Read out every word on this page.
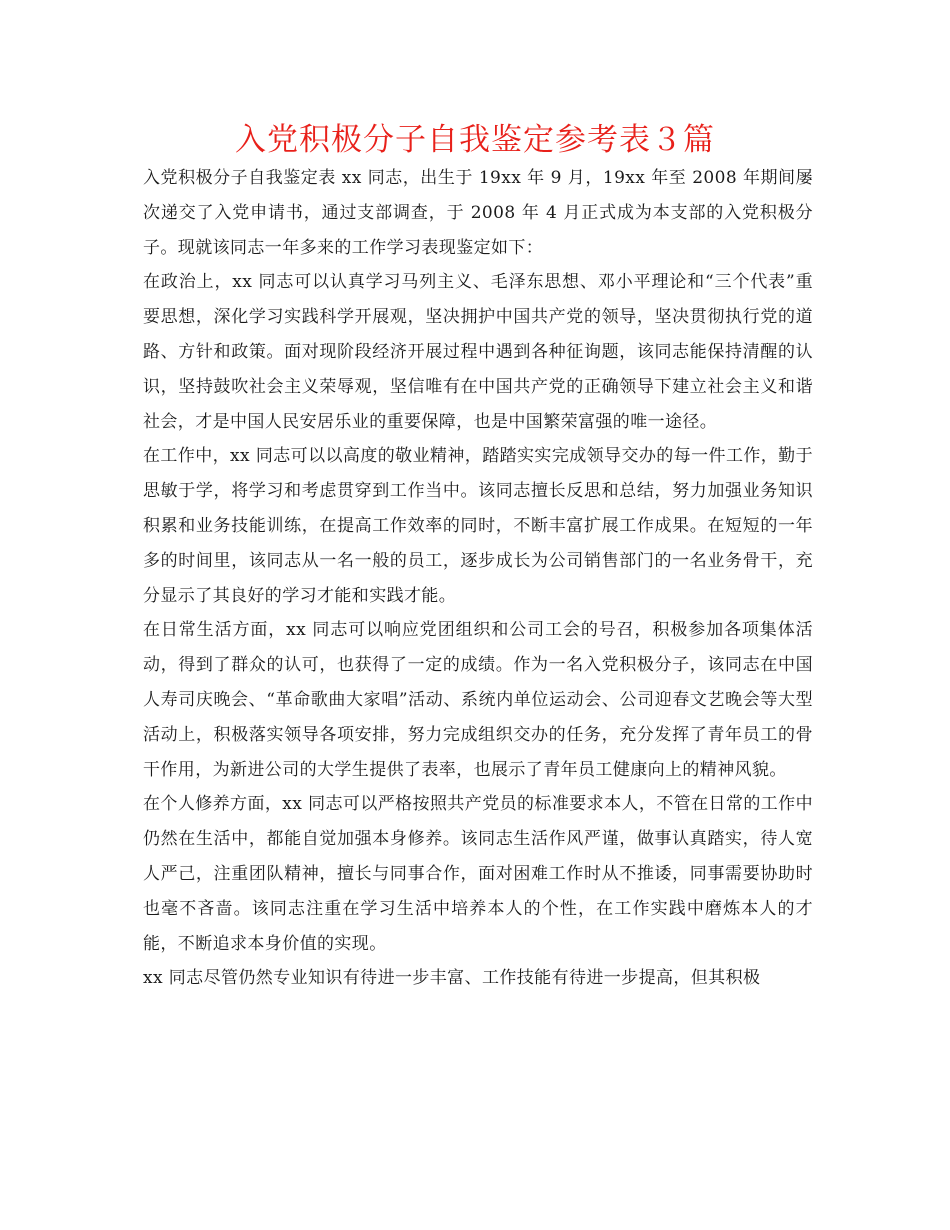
入党积极分子自我鉴定参考表３篇

入党积极分子自我鉴定表 xx 同志，出生于 19xx 年 9 月，19xx 年至 2008 年期间屡次递交了入党申请书，通过支部调查，于 2008 年 4 月正式成为本支部的入党积极分子。现就该同志一年多来的工作学习表现鉴定如下：

在政治上，xx 同志可以认真学习马列主义、毛泽东思想、邓小平理论和“三个代表”重要思想，深化学习实践科学开展观，坚决拥护中国共产党的领导，坚决贯彻执行党的道路、方针和政策。面对现阶段经济开展过程中遇到各种征询题，该同志能保持清醒的认识，坚持鼓吹社会主义荣辱观，坚信唯有在中国共产党的正确领导下建立社会主义和谐社会，才是中国人民安居乐业的重要保障，也是中国繁荣富强的唯一途径。

在工作中，xx 同志可以以高度的敬业精神，踏踏实实完成领导交办的每一件工作，勤于思敏于学，将学习和考虑贯穿到工作当中。该同志擅长反思和总结，努力加强业务知识积累和业务技能训练，在提高工作效率的同时，不断丰富扩展工作成果。在短短的一年多的时间里，该同志从一名一般的员工，逐步成长为公司销售部门的一名业务骨干，充分显示了其良好的学习才能和实践才能。

在日常生活方面，xx 同志可以响应党团组织和公司工会的号召，积极参加各项集体活动，得到了群众的认可，也获得了一定的成绩。作为一名入党积极分子，该同志在中国人寿司庆晚会、“革命歌曲大家唱”活动、系统内单位运动会、公司迎春文艺晚会等大型活动上，积极落实领导各项安排，努力完成组织交办的任务，充分发挥了青年员工的骨干作用，为新进公司的大学生提供了表率，也展示了青年员工健康向上的精神风貌。

在个人修养方面，xx 同志可以严格按照共产党员的标准要求本人，不管在日常的工作中仍然在生活中，都能自觉加强本身修养。该同志生活作风严谨，做事认真踏实，待人宽人严己，注重团队精神，擅长与同事合作，面对困难工作时从不推诿，同事需要协助时也毫不吝啬。该同志注重在学习生活中培养本人的个性，在工作实践中磨炼本人的才能，不断追求本身价值的实现。

xx 同志尽管仍然专业知识有待进一步丰富、工作技能有待进一步提高，但其积极
